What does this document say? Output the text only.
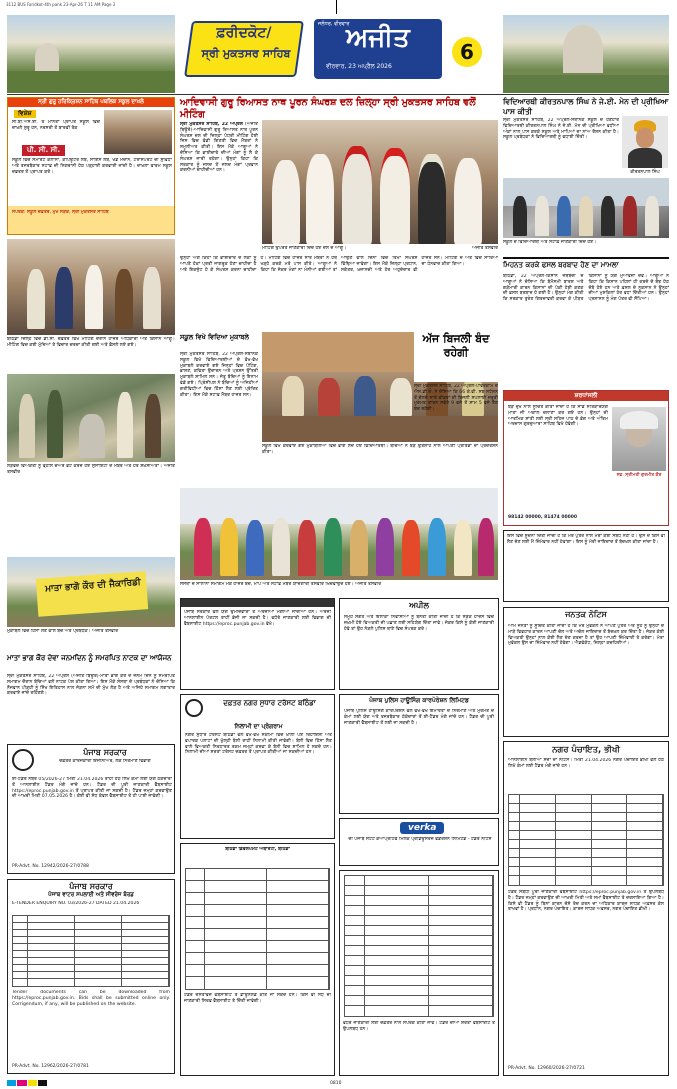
3112 BUS Faridkot-4th pank 23-Apr-26 T 11 AM Page 3
ਫ਼ਰੀਦਕੋਟ/
ਸ੍ਰੀ ਮੁਕਤਸਰ ਸਾਹਿਬ
ਜਲੰਧਰ, ਵੀਰਵਾਰ
ਅਜੀਤ
ਵੀਰਵਾਰ, 23 ਅਪ੍ਰੈਲ 2026
6
ਸ੍ਰੀ ਗੁਰੂ ਹਰਿਕ੍ਰਿਸ਼ਨ ਸਾਹਿਬ ਪਬਲਿਕ ਸਕੂਲ ਦਾਖ਼ਲੇ
ਵਿਸ਼ੇਸ਼
ਸੀ.ਬੀ.ਐਸ.ਈ. ਤੋਂ ਮਾਨਤਾ ਪ੍ਰਾਪਤ ਸਕੂਲ ਵਿਚ ਦਾਖ਼ਲੇ ਸ਼ੁਰੂ ਹਨ, ਨਰਸਰੀ ਤੋਂ ਬਾਰਵੀਂ ਤੱਕ
ਪੀ. ਸੀ. ਸੀ.
ਸਕੂਲ ਵਿਚ ਸਮਾਰਟ ਕਲਾਸਾਂ, ਕੰਪਿਊਟਰ ਲੈਬ, ਸਾਇੰਸ ਲੈਬ, ਖੇਡ ਮੈਦਾਨ, ਟਰਾਂਸਪੋਰਟ ਦੀ ਸੁਵਿਧਾ ਅਤੇ ਤਜਰਬੇਕਾਰ ਸਟਾਫ਼ ਦੀ ਨਿਗਰਾਨੀ ਹੇਠ ਪੜ੍ਹਾਈ ਕਰਵਾਈ ਜਾਂਦੀ ਹੈ। ਦਾਖ਼ਲਾ ਫਾਰਮ ਸਕੂਲ ਦਫ਼ਤਰ ਤੋਂ ਪ੍ਰਾਪਤ ਕਰੋ।
ਸੰਪਰਕ: ਸਕੂਲ ਦਫ਼ਤਰ, ਮੁੱਖ ਸੜਕ, ਸ੍ਰੀ ਮੁਕਤਸਰ ਸਾਹਿਬ
ਬਠਿੰਡਾ ਜ਼ਿਲ੍ਹੇ ਵਿਚ ਡੀ.ਸੀ. ਦਫ਼ਤਰ ਵਿਖੇ ਮੀਟਿੰਗ ਦੌਰਾਨ ਹਾਜ਼ਰ ਅਧਿਕਾਰੀ ਅਤੇ ਕਿਸਾਨ ਆਗੂ। ਮੀਟਿੰਗ ਵਿਚ ਕਈ ਮੁੱਦਿਆਂ ਤੇ ਵਿਚਾਰ ਚਰਚਾ ਕੀਤੀ ਗਈ ਅਤੇ ਫ਼ੈਸਲੇ ਲਏ ਗਏ।
ਲੋੜਵੰਦ ਵਿਅਕਤੀ ਨੂੰ ਵ੍ਹੀਲ ਚੇਅਰ ਭੇਟ ਕਰਦੇ ਹੋਏ ਸੁਸਾਇਟੀ ਦੇ ਮੈਂਬਰ ਅਤੇ ਹੋਰ ਸ਼ਖ਼ਸੀਅਤਾਂ। ਅਜੀਤ ਤਸਵੀਰ
ਮਾਤਾ ਭਾਗੋ ਕੌਰ ਦੀ ਜੈਕਾਰਿਡੀ
ਮੁਕਾਬਲੇ ਵਿਚ ਹਿੱਸਾ ਲੈਣ ਵਾਲੇ ਬੱਚੇ ਅਤੇ ਪ੍ਰਬੰਧਕ। ਅਜੀਤ ਤਸਵੀਰ
ਮਾਤਾ ਭਾਗ ਕੌਰ ਦੇਵਾ ਜਨਮਦਿਨ ਨੂੰ ਸਮਰਪਿਤ ਨਾਟਕ ਦਾ ਆਯੋਜਨ
ਸ੍ਰੀ ਮੁਕਤਸਰ ਸਾਹਿਬ, 22 ਅਪ੍ਰੈਲ (ਅਜੀਤ ਬਿਊਰੋ)-ਮਾਤਾ ਭਾਗ ਕੌਰ ਦੇ ਜਨਮ ਦਿਨ ਨੂੰ ਸਮਰਪਿਤ ਸਮਾਗਮ ਦੌਰਾਨ ਬੱਚਿਆਂ ਵਲੋਂ ਨਾਟਕ ਪੇਸ਼ ਕੀਤਾ ਗਿਆ। ਇਸ ਮੌਕੇ ਸੰਸਥਾ ਦੇ ਪ੍ਰਬੰਧਕਾਂ ਨੇ ਦੱਸਿਆ ਕਿ ਨੌਜਵਾਨ ਪੀੜ੍ਹੀ ਨੂੰ ਸਿੱਖ ਇਤਿਹਾਸ ਨਾਲ ਜੋੜਨਾ ਸਮੇਂ ਦੀ ਮੁੱਖ ਲੋੜ ਹੈ ਅਤੇ ਅਜਿਹੇ ਸਮਾਗਮ ਲਗਾਤਾਰ ਕਰਵਾਏ ਜਾਂਦੇ ਰਹਿਣਗੇ।
ਪੰਜਾਬ ਸਰਕਾਰ
ਦਫ਼ਤਰ ਕਾਰਜਕਾਰੀ ਇੰਜੀਨੀਅਰ, ਲੋਕ ਨਿਰਮਾਣ ਵਿਭਾਗ
ਈ-ਟੈਂਡਰ ਨੰਬਰ 05/2026-27 ਮਿਤੀ 21.04.2026 ਰਾਹੀਂ ਹੇਠ ਲਿਖੇ ਕੰਮਾਂ ਲਈ ਯੋਗ ਠੇਕੇਦਾਰਾਂ ਤੋਂ ਆਨਲਾਈਨ ਟੈਂਡਰ ਮੰਗੇ ਜਾਂਦੇ ਹਨ। ਟੈਂਡਰ ਦੀ ਪੂਰੀ ਜਾਣਕਾਰੀ ਵੈੱਬਸਾਈਟ https://eproc.punjab.gov.in ਤੋਂ ਪ੍ਰਾਪਤ ਕੀਤੀ ਜਾ ਸਕਦੀ ਹੈ। ਟੈਂਡਰ ਜਮ੍ਹਾਂ ਕਰਵਾਉਣ ਦੀ ਆਖ਼ਰੀ ਮਿਤੀ 07.05.2026 ਹੈ। ਕੋਈ ਵੀ ਸੋਧ ਕੇਵਲ ਵੈੱਬਸਾਈਟ ਤੇ ਹੀ ਪਾਈ ਜਾਵੇਗੀ।
PR-Advt. No. 12942/2026-27/0788
ਪੰਜਾਬ ਸਰਕਾਰ
ਪੰਜਾਬ ਵਾਟਰ ਸਪਲਾਈ ਅਤੇ ਸੀਵਰੇਜ ਬੋਰਡ
E-TENDER ENQUIRY NO. 03/2026-27 DATED 21.04.2026
Tender documents can be downloaded from https://eproc.punjab.gov.in. Bids shall be submitted online only. Corrigendum, if any, will be published on the website.
PR-Advt. No. 12962/2026-27/0781
ਆਦਿਵਾਸੀ ਗੁਰੂ ਰਿਆਸਤ ਨਾਥ ਪੂਰਨ ਸੰਘਰਸ਼ ਦਲ ਜ਼ਿਲ੍ਹਾ ਸ੍ਰੀ ਮੁਕਤਸਰ ਸਾਹਿਬ ਵਲੋਂ ਮੀਟਿੰਗ
ਸ੍ਰੀ ਮੁਕਤਸਰ ਸਾਹਿਬ, 22 ਅਪ੍ਰੈਲ (ਅਜੀਤ ਬਿਊਰੋ)-ਆਦਿਵਾਸੀ ਗੁਰੂ ਰਿਆਸਤ ਨਾਥ ਪੂਰਨ ਸੰਘਰਸ਼ ਦਲ ਦੀ ਜ਼ਿਲ੍ਹਾ ਪੱਧਰੀ ਮੀਟਿੰਗ ਹੋਈ ਜਿਸ ਵਿਚ ਵੱਡੀ ਗਿਣਤੀ ਵਿਚ ਮੈਂਬਰਾਂ ਨੇ ਸ਼ਮੂਲੀਅਤ ਕੀਤੀ। ਇਸ ਮੌਕੇ ਆਗੂਆਂ ਨੇ ਦੱਸਿਆ ਕਿ ਭਾਈਚਾਰੇ ਦੀਆਂ ਮੰਗਾਂ ਨੂੰ ਲੈ ਕੇ ਸੰਘਰਸ਼ ਜਾਰੀ ਰਹੇਗਾ। ਉਨ੍ਹਾਂ ਕਿਹਾ ਕਿ ਸਰਕਾਰ ਨੂੰ ਜਲਦ ਤੋਂ ਜਲਦ ਮੰਗਾਂ ਪ੍ਰਵਾਨ ਕਰਨੀਆਂ ਚਾਹੀਦੀਆਂ ਹਨ।
ਮੀਟਿੰਗ ਉਪਰੰਤ ਜਾਣਕਾਰੀ ਦਿੰਦੇ ਹੋਏ ਦਲ ਦੇ ਆਗੂ।	ਅਜੀਤ ਤਸਵੀਰ
ਉਨ੍ਹਾਂ ਅੱਗੇ ਕਿਹਾ ਕਿ ਭਾਈਚਾਰੇ ਦੇ ਲੋਕਾਂ ਨੂੰ ਆਪਣੇ ਹੱਕਾਂ ਪ੍ਰਤੀ ਜਾਗਰੂਕ ਹੋਣਾ ਚਾਹੀਦਾ ਹੈ ਅਤੇ ਇਕਜੁੱਟ ਹੋ ਕੇ ਸੰਘਰਸ਼ ਕਰਨਾ ਚਾਹੀਦਾ ਹੈ। ਮੀਟਿੰਗ ਵਿਚ ਹਾਜ਼ਰ ਸਾਰੇ ਮੈਂਬਰਾਂ ਨੇ ਹੱਥ ਖੜ੍ਹੇ ਕਰਕੇ ਮਤੇ ਪਾਸ ਕੀਤੇ। ਆਗੂਆਂ ਨੇ ਕਿਹਾ ਕਿ ਜੇਕਰ ਮੰਗਾਂ ਨਾ ਮੰਨੀਆਂ ਗਈਆਂ ਤਾਂ ਆਉਣ ਵਾਲੇ ਦਿਨਾਂ ਵਿਚ ਤਿੱਖਾ ਸੰਘਰਸ਼ ਵਿੱਢਿਆ ਜਾਵੇਗਾ। ਇਸ ਮੌਕੇ ਜ਼ਿਲ੍ਹਾ ਪ੍ਰਧਾਨ, ਸਕੱਤਰ, ਖ਼ਜ਼ਾਨਚੀ ਅਤੇ ਹੋਰ ਅਹੁਦੇਦਾਰ ਵੀ ਹਾਜ਼ਰ ਸਨ। ਮੀਟਿੰਗ ਦੇ ਅੰਤ ਵਿਚ ਸਾਰਿਆਂ ਦਾ ਧੰਨਵਾਦ ਕੀਤਾ ਗਿਆ।
ਸਕੂਲ ਵਿਖੇ ਵਿਦਿਆ ਮੁਕਾਬਲੇ
ਸ੍ਰੀ ਮੁਕਤਸਰ ਸਾਹਿਬ, 22 ਅਪ੍ਰੈਲ-ਸਥਾਨਕ ਸਕੂਲ ਵਿਖੇ ਵਿਦਿਆਰਥੀਆਂ ਦੇ ਵੱਖ-ਵੱਖ ਮੁਕਾਬਲੇ ਕਰਵਾਏ ਗਏ ਜਿਨ੍ਹਾਂ ਵਿਚ ਪੇਂਟਿੰਗ, ਭਾਸ਼ਣ, ਕਵਿਤਾ ਉਚਾਰਨ ਅਤੇ ਪ੍ਰਸ਼ਨ ਉੱਤਰੀ ਮੁਕਾਬਲੇ ਸ਼ਾਮਿਲ ਸਨ। ਜੇਤੂ ਬੱਚਿਆਂ ਨੂੰ ਇਨਾਮ ਵੰਡੇ ਗਏ। ਪ੍ਰਿੰਸੀਪਲ ਨੇ ਬੱਚਿਆਂ ਨੂੰ ਅਜਿਹੀਆਂ ਗਤੀਵਿਧੀਆਂ ਵਿਚ ਹਿੱਸਾ ਲੈਣ ਲਈ ਪ੍ਰੇਰਿਤ ਕੀਤਾ। ਇਸ ਮੌਕੇ ਸਟਾਫ਼ ਮੈਂਬਰ ਹਾਜ਼ਰ ਸਨ।
ਸਕੂਲ ਵਿਖੇ ਕਰਵਾਏ ਗਏ ਮੁਕਾਬਲਿਆਂ ਵਿਚ ਭਾਗ ਲੈਂਦੇ ਹੋਏ ਵਿਦਿਆਰਥੀ। ਬੱਚਿਆਂ ਨੇ ਬੜੇ ਉਤਸ਼ਾਹ ਨਾਲ ਆਪਣੀ ਪ੍ਰਤਿਭਾ ਦਾ ਪ੍ਰਦਰਸ਼ਨ ਕੀਤਾ।
ਅੱਜ ਬਿਜਲੀ ਬੰਦ ਰਹੇਗੀ
ਸ੍ਰੀ ਮੁਕਤਸਰ ਸਾਹਿਬ, 22 ਅਪ੍ਰੈਲ-ਪਾਵਰਕਾਮ ਦੇ ਐਸ.ਡੀ.ਓ. ਨੇ ਦੱਸਿਆ ਕਿ 66 ਕੇ.ਵੀ. ਸਬ ਸਟੇਸ਼ਨ ਤੋਂ ਚੱਲਦੇ ਸਾਰੇ ਫੀਡਰਾਂ ਦੀ ਬਿਜਲੀ ਸਪਲਾਈ ਜ਼ਰੂਰੀ ਮੁਰੰਮਤ ਕਾਰਨ ਸਵੇਰੇ 9 ਵਜੇ ਤੋਂ ਸ਼ਾਮ 5 ਵਜੇ ਤੱਕ ਬੰਦ ਰਹੇਗੀ।
ਸੰਸਥਾ ਦੇ ਸਾਲਾਨਾ ਸਮਾਗਮ ਮੌਕੇ ਹਾਜ਼ਰ ਬੱਚੇ, ਮਾਪੇ ਅਤੇ ਸਟਾਫ਼ ਮੈਂਬਰ ਯਾਦਗਾਰੀ ਤਸਵੀਰ ਖਿਚਵਾਉਂਦੇ ਹੋਏ। ਅਜੀਤ ਤਸਵੀਰ
ਵਿਦਿਆਰਥੀ ਕੀਰਤਨਪਾਲ ਸਿੰਘ ਨੇ ਜੇ.ਈ. ਮੇਨ ਦੀ ਪ੍ਰੀਖਿਆ ਪਾਸ ਕੀਤੀ
ਸ੍ਰੀ ਮੁਕਤਸਰ ਸਾਹਿਬ, 22 ਅਪ੍ਰੈਲ-ਸਥਾਨਕ ਸਕੂਲ ਦੇ ਹੋਣਹਾਰ ਵਿਦਿਆਰਥੀ ਕੀਰਤਨਪਾਲ ਸਿੰਘ ਨੇ ਜੇ.ਈ. ਮੇਨ ਦੀ ਪ੍ਰੀਖਿਆ ਵਧੀਆ ਅੰਕਾਂ ਨਾਲ ਪਾਸ ਕਰਕੇ ਸਕੂਲ ਅਤੇ ਮਾਪਿਆਂ ਦਾ ਨਾਂਅ ਰੌਸ਼ਨ ਕੀਤਾ ਹੈ। ਸਕੂਲ ਪ੍ਰਬੰਧਕਾਂ ਨੇ ਵਿਦਿਆਰਥੀ ਨੂੰ ਵਧਾਈ ਦਿੱਤੀ।
ਕੀਰਤਨਪਾਲ ਸਿੰਘ
ਸਕੂਲ ਦੇ ਵਿਦਿਆਰਥੀ ਅਤੇ ਸਟਾਫ਼ ਜਾਣਕਾਰੀ ਦਿੰਦੇ ਹੋਏ।
ਮਿਹਨਤ ਕਰਕੇ ਫਸਲ ਬਰਬਾਦ ਹੋਣ ਦਾ ਮਾਮਲਾ
ਬਠਿੰਡਾ, 22 ਅਪ੍ਰੈਲ-ਕਿਸਾਨ ਜਥੇਬੰਦੀ ਦੇ ਆਗੂਆਂ ਨੇ ਦੱਸਿਆ ਕਿ ਬੇਮੌਸਮੀ ਬਾਰਸ਼ ਅਤੇ ਗੜੇਮਾਰੀ ਕਾਰਨ ਕਿਸਾਨਾਂ ਦੀ ਪੱਕੀ ਹੋਈ ਕਣਕ ਦੀ ਫ਼ਸਲ ਬਰਬਾਦ ਹੋ ਗਈ ਹੈ। ਉਨ੍ਹਾਂ ਮੰਗ ਕੀਤੀ ਕਿ ਸਰਕਾਰ ਤੁਰੰਤ ਗਿਰਦਾਵਰੀ ਕਰਵਾ ਕੇ ਪੀੜਤ ਕਿਸਾਨਾਂ ਨੂੰ ਯੋਗ ਮੁਆਵਜ਼ਾ ਦੇਵੇ। ਆਗੂਆਂ ਨੇ ਕਿਹਾ ਕਿ ਕਿਸਾਨ ਪਹਿਲਾਂ ਹੀ ਕਰਜ਼ੇ ਦੇ ਬੋਝ ਹੇਠ ਦੱਬੇ ਹੋਏ ਹਨ ਅਤੇ ਫ਼ਸਲ ਦੇ ਨੁਕਸਾਨ ਨੇ ਉਨ੍ਹਾਂ ਦੀਆਂ ਮੁਸ਼ਕਿਲਾਂ ਹੋਰ ਵਧਾ ਦਿੱਤੀਆਂ ਹਨ। ਉਨ੍ਹਾਂ ਪ੍ਰਸ਼ਾਸਨ ਨੂੰ ਮੰਗ ਪੱਤਰ ਵੀ ਸੌਂਪਿਆ।
ਸ਼ਰਧਾਂਜਲੀ
ਬੜੇ ਦੁੱਖ ਨਾਲ ਸੂਚਿਤ ਕੀਤਾ ਜਾਂਦਾ ਹੈ ਕਿ ਸਾਡੇ ਸਤਿਕਾਰਯੋਗ ਮਾਤਾ ਜੀ ਅਕਾਲ ਚਲਾਣਾ ਕਰ ਗਏ ਹਨ। ਉਨ੍ਹਾਂ ਦੀ ਆਤਮਿਕ ਸ਼ਾਂਤੀ ਲਈ ਸ੍ਰੀ ਸਹਿਜ ਪਾਠ ਦੇ ਭੋਗ ਅਤੇ ਅੰਤਿਮ ਅਰਦਾਸ ਗੁਰਦੁਆਰਾ ਸਾਹਿਬ ਵਿਖੇ ਹੋਵੇਗੀ।
ਸਵ. ਸ੍ਰੀਮਤੀ ਗੁਰਮੀਤ ਕੌਰ
98142 00000, 81474 00000
ਇਸ ਵਿਚ ਸੂਚਨਾ ਦਿੱਤੀ ਜਾਂਦੀ ਹੈ ਕਿ ਮੇਰੇ ਪੁੱਤਰ ਨਾਲ ਮੇਰਾ ਕੋਈ ਸਬੰਧ ਨਹੀਂ ਹੈ। ਉਸ ਦੇ ਕਿਸੇ ਵੀ ਲੈਣ ਦੇਣ ਲਈ ਮੈਂ ਜ਼ਿੰਮੇਵਾਰ ਨਹੀਂ ਹੋਵਾਂਗਾ। ਇਸ ਨੂੰ ਮੇਰੀ ਜਾਇਦਾਦ ਤੋਂ ਬੇਦਖ਼ਲ ਕੀਤਾ ਜਾਂਦਾ ਹੈ।
ਜਨਤਕ ਨੋਟਿਸ
ਆਮ ਜਨਤਾ ਨੂੰ ਸੂਚਿਤ ਕੀਤਾ ਜਾਂਦਾ ਹੈ ਕਿ ਮੇਰੇ ਮੁਵੱਕਲ ਨੇ ਆਪਣੇ ਪੁੱਤਰ ਅਤੇ ਨੂੰਹ ਨੂੰ ਉਨ੍ਹਾਂ ਦੇ ਮਾੜੇ ਵਿਵਹਾਰ ਕਾਰਨ ਆਪਣੀ ਚੱਲ ਅਤੇ ਅਚੱਲ ਜਾਇਦਾਦ ਤੋਂ ਬੇਦਖ਼ਲ ਕਰ ਦਿੱਤਾ ਹੈ। ਜੇਕਰ ਕੋਈ ਵਿਅਕਤੀ ਉਨ੍ਹਾਂ ਨਾਲ ਕੋਈ ਲੈਣ ਦੇਣ ਕਰਦਾ ਹੈ ਤਾਂ ਉਹ ਆਪਣੀ ਜ਼ਿੰਮੇਵਾਰੀ ਤੇ ਕਰੇਗਾ। ਮੇਰਾ ਮੁਵੱਕਲ ਉਸ ਦਾ ਜ਼ਿੰਮੇਵਾਰ ਨਹੀਂ ਹੋਵੇਗਾ। ਐਡਵੋਕੇਟ, ਜ਼ਿਲ੍ਹਾ ਕਚਹਿਰੀਆਂ।
ਨਗਰ ਪੰਚਾਇਤ, ਭੀਖੀ
ਆਨਲਾਈਨ ਬੋਲੀਆਂ ਸੱਦਾ ਦਾ ਨੋਟਿਸ। ਮਿਤੀ 21.04.2026 ਨਗਰ ਪੰਚਾਇਤ ਭੀਖੀ ਵਲੋਂ ਹੇਠ ਲਿਖੇ ਕੰਮਾਂ ਲਈ ਟੈਂਡਰ ਮੰਗੇ ਜਾਂਦੇ ਹਨ।
ਟੈਂਡਰ ਸਬੰਧੀ ਪੂਰੀ ਜਾਣਕਾਰੀ ਵੈੱਬਸਾਈਟ https://eproc.punjab.gov.in ਤੇ ਉਪਲਬਧ ਹੈ। ਟੈਂਡਰ ਜਮ੍ਹਾਂ ਕਰਵਾਉਣ ਦੀ ਆਖ਼ਰੀ ਮਿਤੀ ਅਤੇ ਸਮਾਂ ਵੈੱਬਸਾਈਟ ਤੇ ਦਰਸਾਇਆ ਗਿਆ ਹੈ। ਕਿਸੇ ਵੀ ਟੈਂਡਰ ਨੂੰ ਬਿਨਾਂ ਕਾਰਨ ਦੱਸੇ ਰੱਦ ਕਰਨ ਦਾ ਅਧਿਕਾਰ ਕਾਰਜ ਸਾਧਕ ਅਫ਼ਸਰ ਕੋਲ ਰਾਖਵਾਂ ਹੈ। ਪ੍ਰਧਾਨ, ਨਗਰ ਪੰਚਾਇਤ। ਕਾਰਜ ਸਾਧਕ ਅਫ਼ਸਰ, ਨਗਰ ਪੰਚਾਇਤ ਭੀਖੀ।
PR-Advt. No. 12960/2026-27/0721
ਪੰਜਾਬ ਸਰਕਾਰ ਵਲੋਂ ਯੋਗ ਉਮੀਦਵਾਰਾਂ ਤੋਂ ਅਰਜ਼ੀਆਂ ਮੰਗੀਆਂ ਜਾਂਦੀਆਂ ਹਨ। ਅਰਜ਼ੀ ਆਨਲਾਈਨ ਪੋਰਟਲ ਰਾਹੀਂ ਭੇਜੀ ਜਾ ਸਕਦੀ ਹੈ। ਵਧੇਰੇ ਜਾਣਕਾਰੀ ਲਈ ਵਿਭਾਗ ਦੀ ਵੈੱਬਸਾਈਟ https://eproc.punjab.gov.in ਵੇਖੋ।
ਦਫ਼ਤਰ ਨਗਰ ਸੁਧਾਰ ਟਰੱਸਟ ਬਠਿੰਡਾ
ਨਿਲਾਮੀ ਦਾ ਪ੍ਰੋਗਰਾਮ
ਨਗਰ ਸੁਧਾਰ ਟਰੱਸਟ ਬਠਿੰਡਾ ਵਲੋਂ ਵੱਖ-ਵੱਖ ਸਕੀਮਾਂ ਵਿਚ ਖ਼ਾਲੀ ਪਏ ਰਿਹਾਇਸ਼ੀ ਅਤੇ ਵਪਾਰਕ ਪਲਾਟਾਂ ਦੀ ਖੁੱਲ੍ਹੀ ਬੋਲੀ ਰਾਹੀਂ ਨਿਲਾਮੀ ਕੀਤੀ ਜਾਵੇਗੀ। ਬੋਲੀ ਵਿਚ ਹਿੱਸਾ ਲੈਣ ਵਾਲੇ ਵਿਅਕਤੀ ਨਿਰਧਾਰਤ ਰਕਮ ਜਮ੍ਹਾਂ ਕਰਵਾ ਕੇ ਬੋਲੀ ਵਿਚ ਸ਼ਾਮਿਲ ਹੋ ਸਕਦੇ ਹਨ। ਨਿਲਾਮੀ ਦੀਆਂ ਸ਼ਰਤਾਂ ਟਰੱਸਟ ਦਫ਼ਤਰ ਤੋਂ ਪ੍ਰਾਪਤ ਕੀਤੀਆਂ ਜਾ ਸਕਦੀਆਂ ਹਨ।
ਬਠਿੰਡਾ ਡਿਵੈਲਪਮੈਂਟ ਅਥਾਰਟੀ, ਬਠਿੰਡਾ
ਟੈਂਡਰ ਦਸਤਾਵੇਜ਼ ਵੈੱਬਸਾਈਟ ਤੋਂ ਡਾਊਨਲੋਡ ਕੀਤੇ ਜਾ ਸਕਦੇ ਹਨ। ਕਿਸੇ ਵੀ ਸੋਧ ਦੀ ਜਾਣਕਾਰੀ ਸਿਰਫ਼ ਵੈੱਬਸਾਈਟ ਤੇ ਦਿੱਤੀ ਜਾਵੇਗੀ।
ਅਪੀਲ
ਸਮੂਹ ਸੰਗਤ ਅਤੇ ਇਲਾਕਾ ਨਿਵਾਸੀਆਂ ਨੂੰ ਬੇਨਤੀ ਕੀਤੀ ਜਾਂਦੀ ਹੈ ਕਿ ਸੜਕ ਹਾਦਸੇ ਵਿਚ ਜ਼ਖ਼ਮੀ ਹੋਏ ਵਿਅਕਤੀ ਦੀ ਪਛਾਣ ਲਈ ਸਹਿਯੋਗ ਦਿੱਤਾ ਜਾਵੇ। ਜੇਕਰ ਕਿਸੇ ਨੂੰ ਕੋਈ ਜਾਣਕਾਰੀ ਹੋਵੇ ਤਾਂ ਉਹ ਨੇੜਲੇ ਪੁਲਿਸ ਥਾਣੇ ਵਿਚ ਸੰਪਰਕ ਕਰੇ।
ਪੰਜਾਬ ਪੁਲਿਸ ਹਾਊਸਿੰਗ ਕਾਰਪੋਰੇਸ਼ਨ ਲਿਮਿਟਡ
ਪੰਜਾਬ ਪੁਲਿਸ ਹਾਊਸਿੰਗ ਕਾਰਪੋਰੇਸ਼ਨ ਵਲੋਂ ਵੱਖ-ਵੱਖ ਇਮਾਰਤਾਂ ਦੇ ਨਿਰਮਾਣ ਅਤੇ ਮੁਰੰਮਤ ਦੇ ਕੰਮਾਂ ਲਈ ਯੋਗ ਅਤੇ ਤਜਰਬੇਕਾਰ ਠੇਕੇਦਾਰਾਂ ਤੋਂ ਈ-ਟੈਂਡਰ ਮੰਗੇ ਜਾਂਦੇ ਹਨ। ਟੈਂਡਰ ਦੀ ਪੂਰੀ ਜਾਣਕਾਰੀ ਵੈੱਬਸਾਈਟ ਤੋਂ ਲਈ ਜਾ ਸਕਦੀ ਹੈ।
verka
ਦੀ ਪੰਜਾਬ ਸਟੇਟ ਕੋਆਪ੍ਰੇਟਿਵ ਮਿਲਕ ਪ੍ਰੋਡਿਊਸਰਜ਼ ਫੈਡਰੇਸ਼ਨ ਲਿਮਿਟਡ - ਟੈਂਡਰ ਨੋਟਿਸ
ਵਧੇਰੇ ਜਾਣਕਾਰੀ ਲਈ ਦਫ਼ਤਰ ਨਾਲ ਸੰਪਰਕ ਕੀਤਾ ਜਾਵੇ। ਟੈਂਡਰ ਦੀਆਂ ਸ਼ਰਤਾਂ ਵੈੱਬਸਾਈਟ ਤੇ ਉਪਲਬਧ ਹਨ।
0810
